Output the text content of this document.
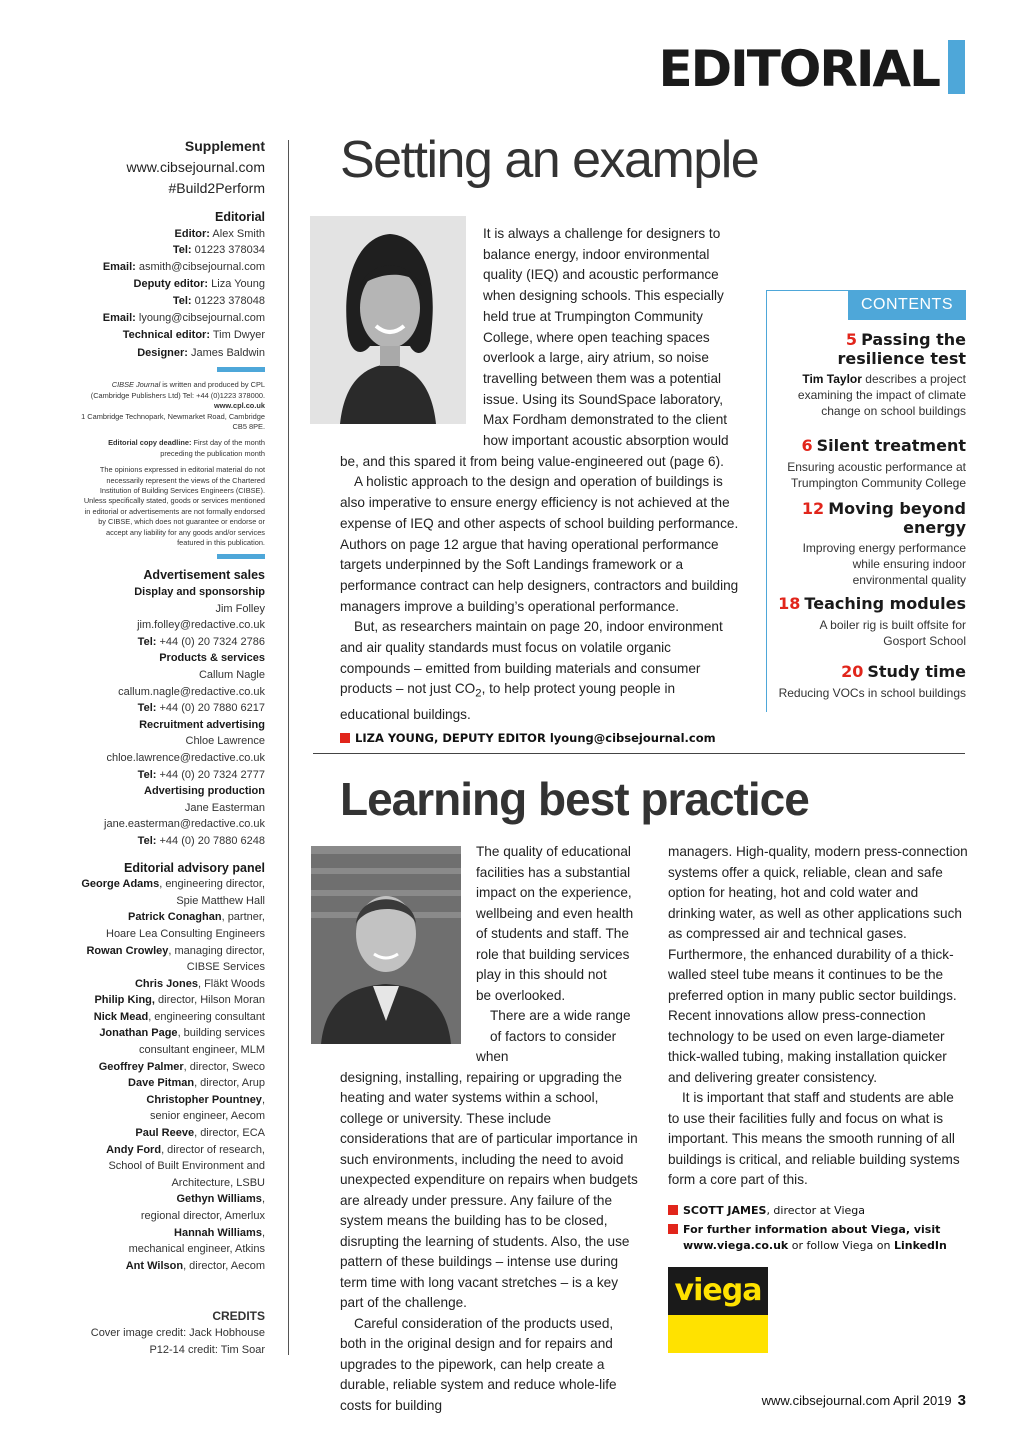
EDITORIAL
Supplement
www.cibsejournal.com
#Build2Perform
Editorial
Editor: Alex Smith
Tel: 01223 378034
Email: asmith@cibsejournal.com
Deputy editor: Liza Young
Tel: 01223 378048
Email: lyoung@cibsejournal.com
Technical editor: Tim Dwyer
Designer: James Baldwin
CIBSE Journal is written and produced by CPL (Cambridge Publishers Ltd) Tel: +44 (0)1223 378000.
www.cpl.co.uk
1 Cambridge Technopark, Newmarket Road, Cambridge CB5 8PE.
Editorial copy deadline: First day of the month preceding the publication month
The opinions expressed in editorial material do not necessarily represent the views of the Chartered Institution of Building Services Engineers (CIBSE). Unless specifically stated, goods or services mentioned in editorial or advertisements are not formally endorsed by CIBSE, which does not guarantee or endorse or accept any liability for any goods and/or services featured in this publication.
Advertisement sales
Display and sponsorship
Jim Folley
jim.folley@redactive.co.uk
Tel: +44 (0) 20 7324 2786
Products & services
Callum Nagle
callum.nagle@redactive.co.uk
Tel: +44 (0) 20 7880 6217
Recruitment advertising
Chloe Lawrence
chloe.lawrence@redactive.co.uk
Tel: +44 (0) 20 7324 2777
Advertising production
Jane Easterman
jane.easterman@redactive.co.uk
Tel: +44 (0) 20 7880 6248
Editorial advisory panel
George Adams, engineering director,
Spie Matthew Hall
Patrick Conaghan, partner,
Hoare Lea Consulting Engineers
Rowan Crowley, managing director,
CIBSE Services
Chris Jones, Fläkt Woods
Philip King, director, Hilson Moran
Nick Mead, engineering consultant
Jonathan Page, building services
consultant engineer, MLM
Geoffrey Palmer, director, Sweco
Dave Pitman, director, Arup
Christopher Pountney,
senior engineer, Aecom
Paul Reeve, director, ECA
Andy Ford, director of research,
School of Built Environment and Architecture, LSBU
Gethyn Williams,
regional director, Amerlux
Hannah Williams,
mechanical engineer, Atkins
Ant Wilson, director, Aecom
CREDITS
Cover image credit: Jack Hobhouse
P12-14 credit: Tim Soar
Setting an example
It is always a challenge for designers to
balance energy, indoor environmental
quality (IEQ) and acoustic performance
when designing schools. This especially
held true at Trumpington Community
College, where open teaching spaces
overlook a large, airy atrium, so noise
travelling between them was a potential
issue. Using its SoundSpace laboratory,
Max Fordham demonstrated to the client
how important acoustic absorption would

be, and this spared it from being value-engineered out (page 6).

A holistic approach to the design and operation of buildings is also imperative to ensure energy efficiency is not achieved at the expense of IEQ and other aspects of school building performance. Authors on page 12 argue that having operational performance targets underpinned by the Soft Landings framework or a performance contract can help designers, contractors and building managers improve a building’s operational performance.

But, as researchers maintain on page 20, indoor environment and air quality standards must focus on volatile organic compounds – emitted from building materials and consumer products – not just $CO_2$, to help protect young people in educational buildings.

LIZA YOUNG, DEPUTY EDITOR lyoung@cibsejournal.com
CONTENTS
5 Passing the resilience test
Tim Taylor describes a project examining the impact of climate change on school buildings
6 Silent treatment
Ensuring acoustic performance at Trumpington Community College
12 Moving beyond energy
Improving energy performance while ensuring indoor environmental quality
18 Teaching modules
A boiler rig is built offsite for Gosport School
20 Study time
Reducing VOCs in school buildings
Learning best practice
The quality of educational
facilities has a substantial
impact on the experience,
wellbeing and even health
of students and staff. The
role that building services
play in this should not
be overlooked.
There are a wide range
of factors to consider when

designing, installing, repairing or upgrading the heating and water systems within a school, college or university. These include considerations that are of particular importance in such environments, including the need to avoid unexpected expenditure on repairs when budgets are already under pressure. Any failure of the system means the building has to be closed, disrupting the learning of students. Also, the use pattern of these buildings – intense use during term time with long vacant stretches – is a key part of the challenge.

Careful consideration of the products used, both in the original design and for repairs and upgrades to the pipework, can help create a durable, reliable system and reduce whole-life costs for building

managers. High-quality, modern press-connection systems offer a quick, reliable, clean and safe option for heating, hot and cold water and drinking water, as well as other applications such as compressed air and technical gases. Furthermore, the enhanced durability of a thick-walled steel tube means it continues to be the preferred option in many public sector buildings. Recent innovations allow press-connection technology to be used on even large-diameter thick-walled tubing, making installation quicker and delivering greater consistency.

It is important that staff and students are able to use their facilities fully and focus on what is important. This means the smooth running of all buildings is critical, and reliable building systems form a core part of this.

SCOTT JAMES, director at Viega
For further information about Viega, visit
www.viega.co.uk or follow Viega on LinkedIn
viega
www.cibsejournal.com April 2019 3
